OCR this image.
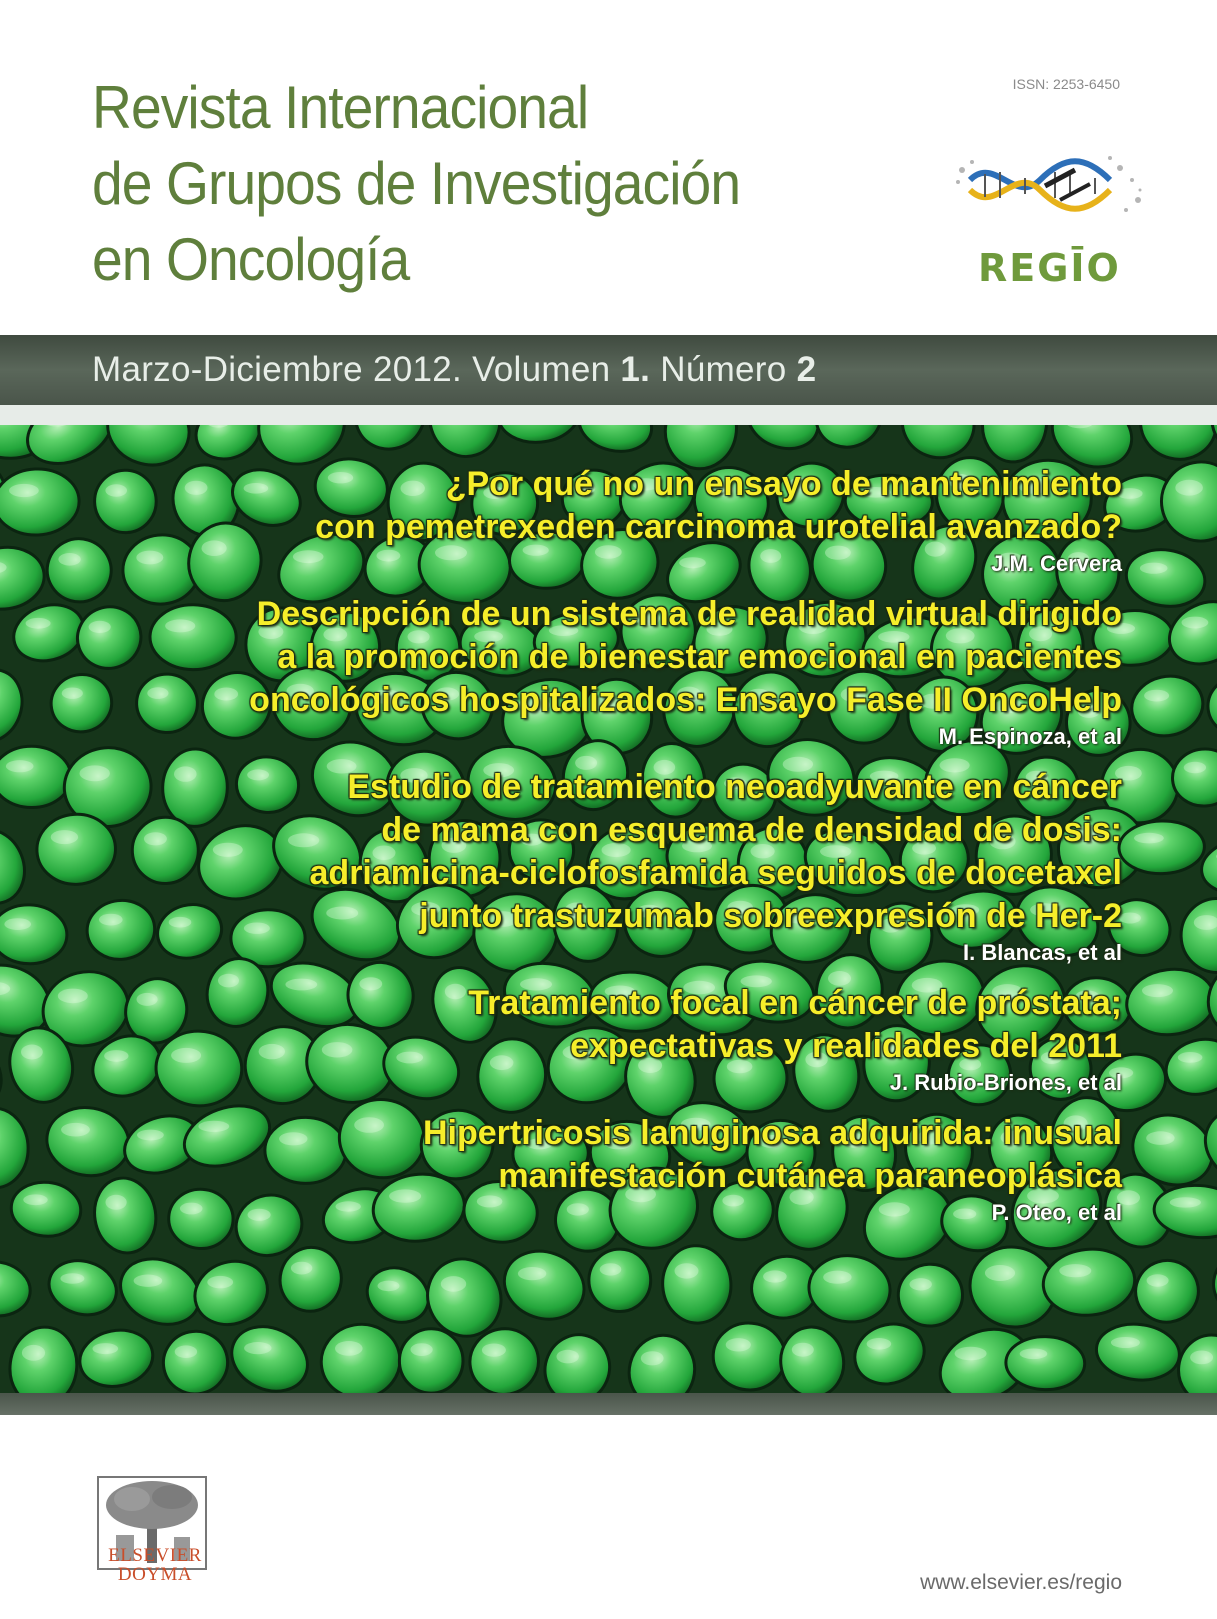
Revista Internacional
de Grupos de Investigación
en Oncología
ISSN: 2253-6450
REGĪO
Marzo-Diciembre 2012. Volumen 1. Número 2
¿Por qué no un ensayo de mantenimiento
con pemetrexeden carcinoma urotelial avanzado?
J.M. Cervera
Descripción de un sistema de realidad virtual dirigido
a la promoción de bienestar emocional en pacientes
oncológicos hospitalizados: Ensayo Fase II OncoHelp
M. Espinoza, et al
Estudio de tratamiento neoadyuvante en cáncer
de mama con esquema de densidad de dosis:
adriamicina-ciclofosfamida seguidos de docetaxel
junto trastuzumab sobreexpresión de Her-2
I. Blancas, et al
Tratamiento focal en cáncer de próstata;
expectativas y realidades del 2011
J. Rubio-Briones, et al
Hipertricosis lanuginosa adquirida: inusual
manifestación cutánea paraneoplásica
P. Oteo, et al
ELSEVIER
DOYMA	www.elsevier.es/regio
